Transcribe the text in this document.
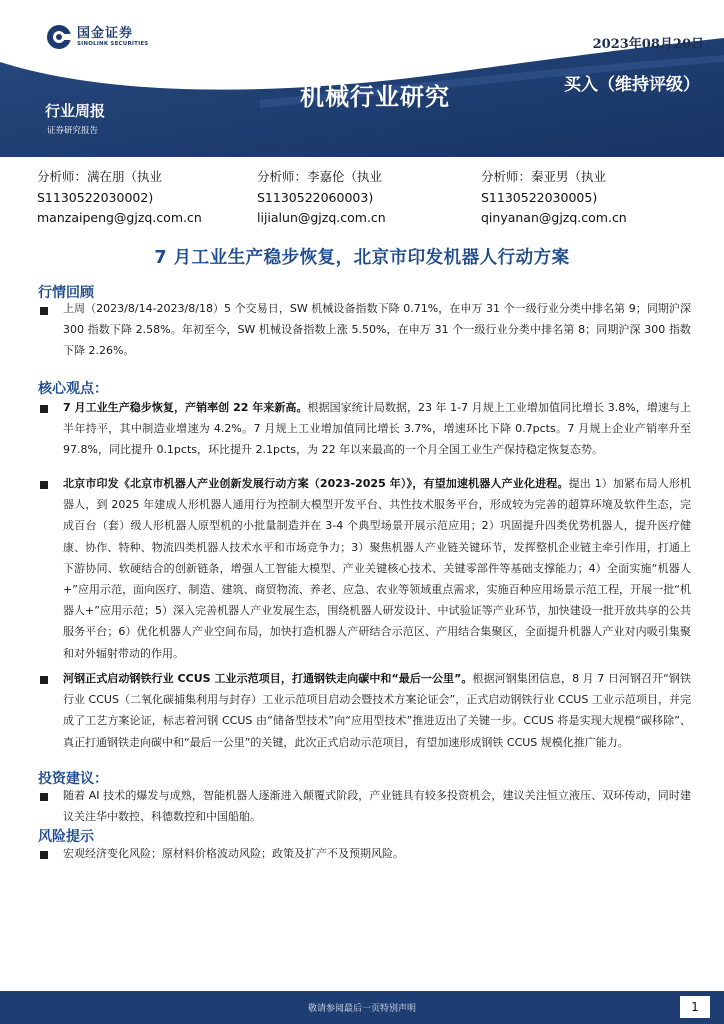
国金证券
SINOLINK SECURITIES	2023年08月20日
机械行业研究	买入（维持评级）
行业周报
证券研究报告
分析师：满在朋（执业
S1130522030002)
manzaipeng@gjzq.com.cn
分析师：李嘉伦（执业
S1130522060003)
lijialun@gjzq.com.cn
分析师：秦亚男（执业
S1130522030005)
qinyanan@gjzq.com.cn
7 月工业生产稳步恢复，北京市印发机器人行动方案
行情回顾
上周（2023/8/14-2023/8/18）5 个交易日，SW 机械设备指数下降 0.71%，在申万 31 个一级行业分类中排名第 9；同期沪深 300 指数下降 2.58%。年初至今，SW 机械设备指数上涨 5.50%，在申万 31 个一级行业分类中排名第 8；同期沪深 300 指数下降 2.26%。
核心观点：
7 月工业生产稳步恢复，产销率创 22 年来新高。根据国家统计局数据，23 年 1-7 月规上工业增加值同比增长 3.8%，增速与上半年持平，其中制造业增速为 4.2%。7 月规上工业增加值同比增长 3.7%，增速环比下降 0.7pcts。7 月规上企业产销率升至 97.8%，同比提升 0.1pcts，环比提升 2.1pcts，为 22 年以来最高的一个月全国工业生产保持稳定恢复态势。
北京市印发《北京市机器人产业创新发展行动方案（2023-2025 年）》，有望加速机器人产业化进程。提出 1）加紧布局人形机器人，到 2025 年建成人形机器人通用行为控制大模型开发平台、共性技术服务平台，形成较为完善的超算环境及软件生态，完成百台（套）级人形机器人原型机的小批量制造并在 3-4 个典型场景开展示范应用；2）巩固提升四类优势机器人，提升医疗健康、协作、特种、物流四类机器人技术水平和市场竞争力；3）聚焦机器人产业链关键环节，发挥整机企业链主牵引作用，打通上下游协同、软硬结合的创新链条，增强人工智能大模型、产业关键核心技术、关键零部件等基础支撑能力；4）全面实施“机器人+”应用示范，面向医疗、制造、建筑、商贸物流、养老、应急、农业等领域重点需求，实施百种应用场景示范工程，开展一批“机器人+”应用示范；5）深入完善机器人产业发展生态，围绕机器人研发设计、中试验证等产业环节，加快建设一批开放共享的公共服务平台；6）优化机器人产业空间布局，加快打造机器人产研结合示范区、产用结合集聚区，全面提升机器人产业对内吸引集聚和对外辐射带动的作用。
河钢正式启动钢铁行业 CCUS 工业示范项目，打通钢铁走向碳中和“最后一公里”。根据河钢集团信息，8 月 7 日河钢召开“钢铁行业 CCUS（二氧化碳捕集利用与封存）工业示范项目启动会暨技术方案论证会”，正式启动钢铁行业 CCUS 工业示范项目，并完成了工艺方案论证，标志着河钢 CCUS 由“储备型技术”向“应用型技术”推进迈出了关键一步。CCUS 将是实现大规模“碳移除”、真正打通钢铁走向碳中和“最后一公里”的关键，此次正式启动示范项目，有望加速形成钢铁 CCUS 规模化推广能力。
投资建议：
随着 AI 技术的爆发与成熟，智能机器人逐渐进入颠覆式阶段，产业链具有较多投资机会，建议关注恒立液压、双环传动，同时建议关注华中数控、科德数控和中国船舶。
风险提示
宏观经济变化风险；原材料价格波动风险；政策及扩产不及预期风险。
敬请参阅最后一页特别声明	1
